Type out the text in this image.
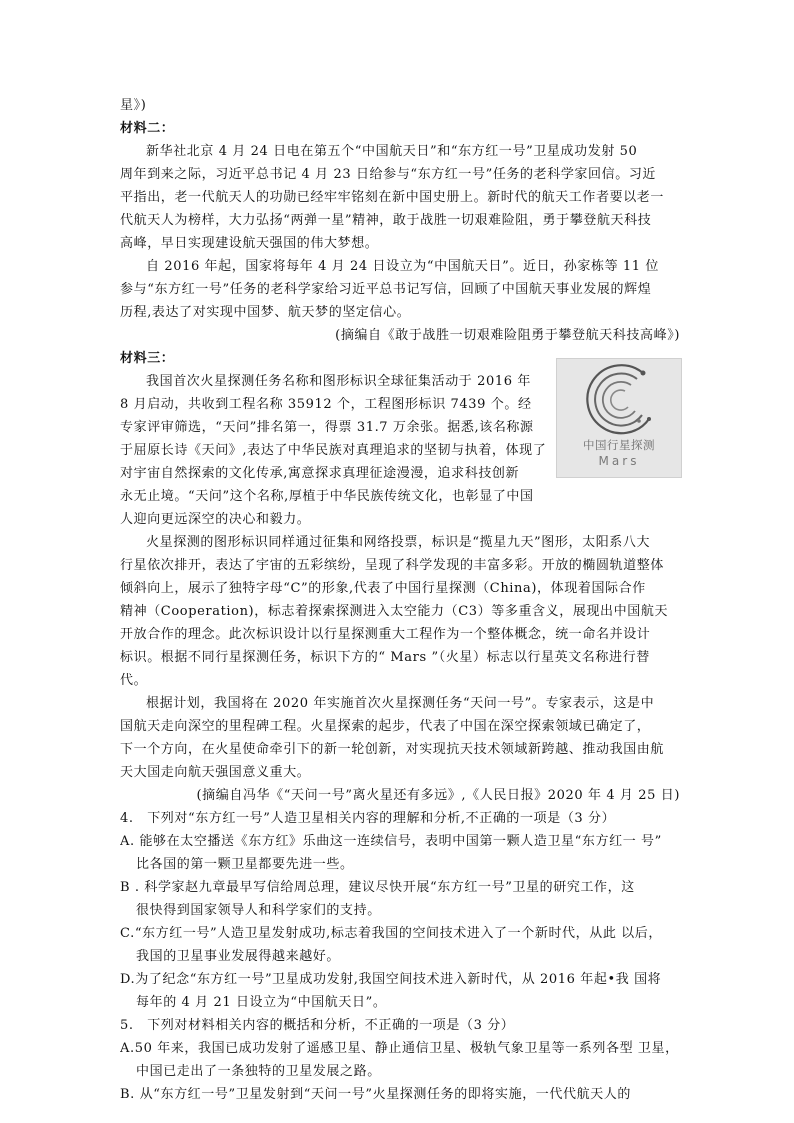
星》)
材料二：
新华社北京 4 月 24 日电在第五个“中国航天日”和“东方红一号”卫星成功发射 50
周年到来之际，习近平总书记 4 月 23 日给参与“东方红一号”任务的老科学家回信。习近
平指出，老一代航天人的功勋已经牢牢铭刻在新中国史册上。新时代的航天工作者要以老一
代航天人为榜样，大力弘扬“两弹一星”精神，敢于战胜一切艰难险阻，勇于攀登航天科技
高峰，早日实现建设航天强国的伟大梦想。
自 2016 年起，国家将每年 4 月 24 日设立为“中国航天日”。近日，孙家栋等 11 位
参与“东方红一号”任务的老科学家给习近平总书记写信，回顾了中国航天事业发展的辉煌
历程,表达了对实现中国梦、航天梦的坚定信心。
(摘编自《敢于战胜一切艰难险阻勇于攀登航天科技高峰》)
材料三：
我国首次火星探测任务名称和图形标识全球征集活动于 2016 年
8 月启动，共收到工程名称 35912 个，工程图形标识 7439 个。经
专家评审筛选，“天问”排名第一，得票 31.7 万余张。据悉,该名称源
于屈原长诗《天问》,表达了中华民族对真理追求的坚韧与执着，体现了
对宇宙自然探索的文化传承,寓意探求真理征途漫漫，追求科技创新
永无止境。“天问”这个名称,厚植于中华民族传统文化，也彰显了中国
人迎向更远深空的决心和毅力。
中国行星探测
Mars
火星探测的图形标识同样通过征集和网络投票，标识是“揽星九天”图形，太阳系八大
行星依次排开，表达了宇宙的五彩缤纷，呈现了科学发现的丰富多彩。开放的椭圆轨道整体
倾斜向上，展示了独特字母“C”的形象,代表了中国行星探测（China)，体现着国际合作
精神（Cooperation)，标志着探索探测进入太空能力（C3）等多重含义，展现出中国航天
开放合作的理念。此次标识设计以行星探测重大工程作为一个整体概念，统一命名并设计
标识。根据不同行星探测任务，标识下方的“ Mars ”（火星）标志以行星英文名称进行替
代。
根据计划，我国将在 2020 年实施首次火星探测任务“天问一号”。专家表示，这是中
国航天走向深空的里程碑工程。火星探索的起步，代表了中国在深空探索领域已确定了，
下一个方向，在火星使命牵引下的新一轮创新，对实现抗天技术领域新跨越、推动我国由航
天大国走向航天强国意义重大。
(摘编自冯华《“天问一号”离火星还有多远》,《人民日报》2020 年 4 月 25 日)
4.　下列对“东方红一号”人造卫星相关内容的理解和分析,不正确的一项是（3 分）
A. 能够在太空播送《东方红》乐曲这一连续信号，表明中国第一颗人造卫星“东方红一 号”
比各国的第一颗卫星都要先进一些。
B . 科学家赵九章最早写信给周总理，建议尽快开展“东方红一号”卫星的研究工作，这
很快得到国家领导人和科学家们的支持。
C.“东方红一号”人造卫星发射成功,标志着我国的空间技术进入了一个新时代，从此 以后，
我国的卫星事业发展得越来越好。
D.为了纪念“东方红一号”卫星成功发射,我国空间技术进入新时代，从 2016 年起•我 国将
每年的 4 月 21 日设立为“中国航天日”。
5.　下列对材料相关内容的概括和分析，不正确的一项是（3 分）
A.50 年来，我国已成功发射了遥感卫星、静止通信卫星、极轨气象卫星等一系列各型 卫星，
中国已走出了一条独特的卫星发展之路。
B. 从“东方红一号”卫星发射到“天问一号”火星探测任务的即将实施，一代代航天人的
